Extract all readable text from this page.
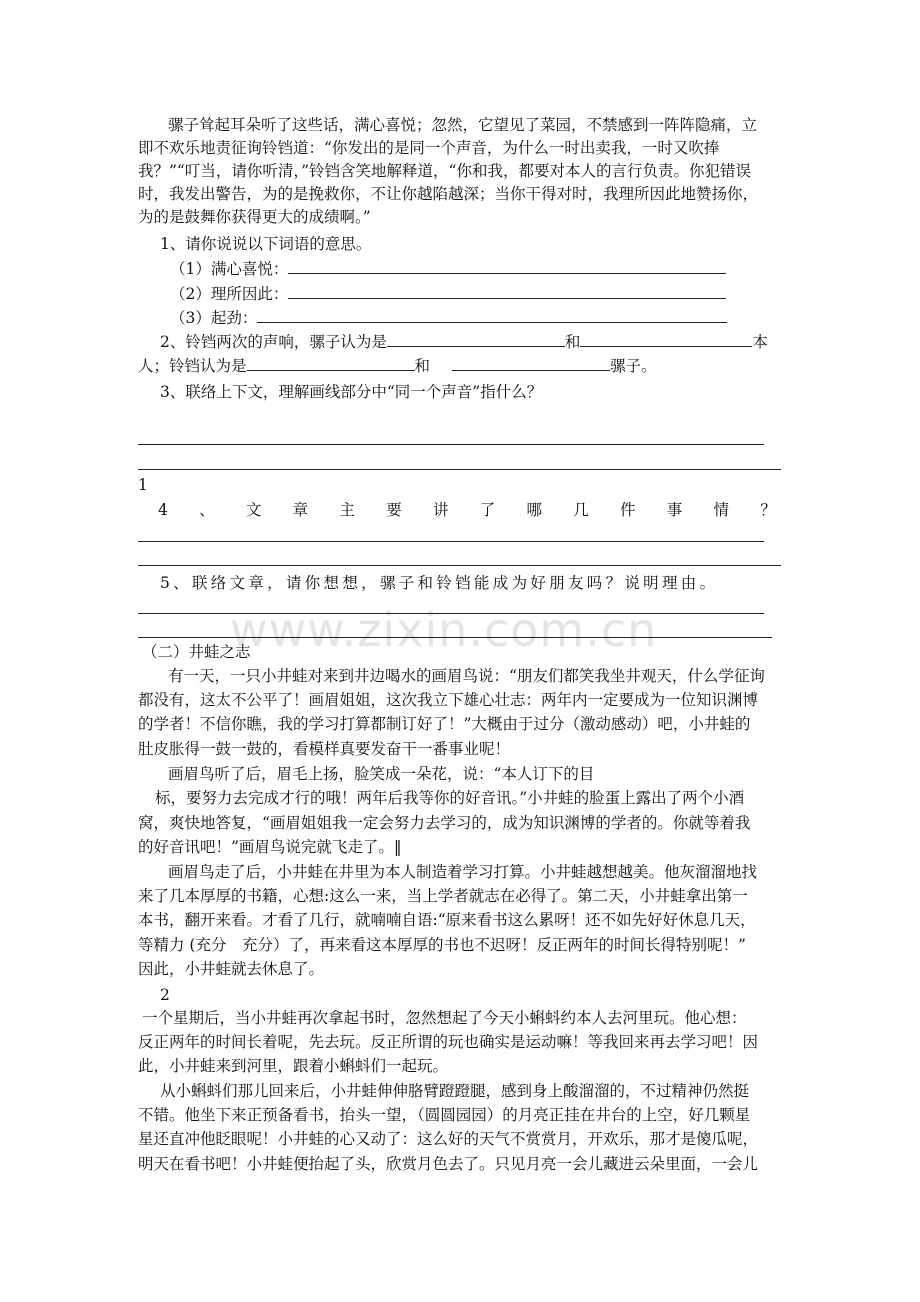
www.zixin.com.cn
骡子耸起耳朵听了这些话，满心喜悦；忽然，它望见了菜园，不禁感到一阵阵隐痛，立
即不欢乐地责征询铃铛道：“你发出的是同一个声音，为什么一时出卖我，一时又吹捧
我？”“叮当，请你听清，”铃铛含笑地解释道，“你和我，都要对本人的言行负责。你犯错误
时，我发出警告，为的是挽救你，不让你越陷越深；当你干得对时，我理所因此地赞扬你，
为的是鼓舞你获得更大的成绩啊。”
1、请你说说以下词语的意思。
（1）满心喜悦：
（2）理所因此：
（3）起劲：
2、铃铛两次的声响，骡子认为是	和	本
人；铃铛认为是	和	骡子。
3、联络上下文，理解画线部分中“同一个声音”指什么？
1
4 、 文 章 主 要 讲 了 哪 几 件 事 情 ？
5、联络文章，请你想想，骡子和铃铛能成为好朋友吗？说明理由。
（二）井蛙之志
有一天，一只小井蛙对来到井边喝水的画眉鸟说：“朋友们都笑我坐井观天，什么学征询
都没有，这太不公平了！画眉姐姐，这次我立下雄心壮志：两年内一定要成为一位知识渊博
的学者！不信你瞧，我的学习打算都制订好了！”大概由于过分（激动感动）吧，小井蛙的
肚皮胀得一鼓一鼓的，看模样真要发奋干一番事业呢！
画眉鸟听了后，眉毛上扬，脸笑成一朵花，说：“本人订下的目
标，要努力去完成才行的哦！两年后我等你的好音讯。”小井蛙的脸蛋上露出了两个小酒
窝，爽快地答复，“画眉姐姐我一定会努力去学习的，成为知识渊博的学者的。你就等着我
的好音讯吧！”画眉鸟说完就飞走了。‖
画眉鸟走了后，小井蛙在井里为本人制造着学习打算。小井蛙越想越美。他灰溜溜地找
来了几本厚厚的书籍，心想:这么一来，当上学者就志在必得了。第二天，小井蛙拿出第一
本书，翻开来看。才看了几行，就喃喃自语:“原来看书这么累呀！还不如先好好休息几天，
等精力 (充分　充分）了，再来看这本厚厚的书也不迟呀！反正两年的时间长得特别呢！”
因此，小井蛙就去休息了。
2
一个星期后，当小井蛙再次拿起书时，忽然想起了今天小蝌蚪约本人去河里玩。他心想：
反正两年的时间长着呢，先去玩。反正所谓的玩也确实是运动嘛！等我回来再去学习吧！因
此，小井蛙来到河里，跟着小蝌蚪们一起玩。
从小蝌蚪们那儿回来后，小井蛙伸伸胳臂蹬蹬腿，感到身上酸溜溜的，不过精神仍然挺
不错。他坐下来正预备看书，抬头一望，（圆圆园园）的月亮正挂在井台的上空，好几颗星
星还直冲他眨眼呢！小井蛙的心又动了：这么好的天气不赏赏月，开欢乐，那才是傻瓜呢，
明天在看书吧！小井蛙便抬起了头，欣赏月色去了。只见月亮一会儿藏进云朵里面，一会儿
